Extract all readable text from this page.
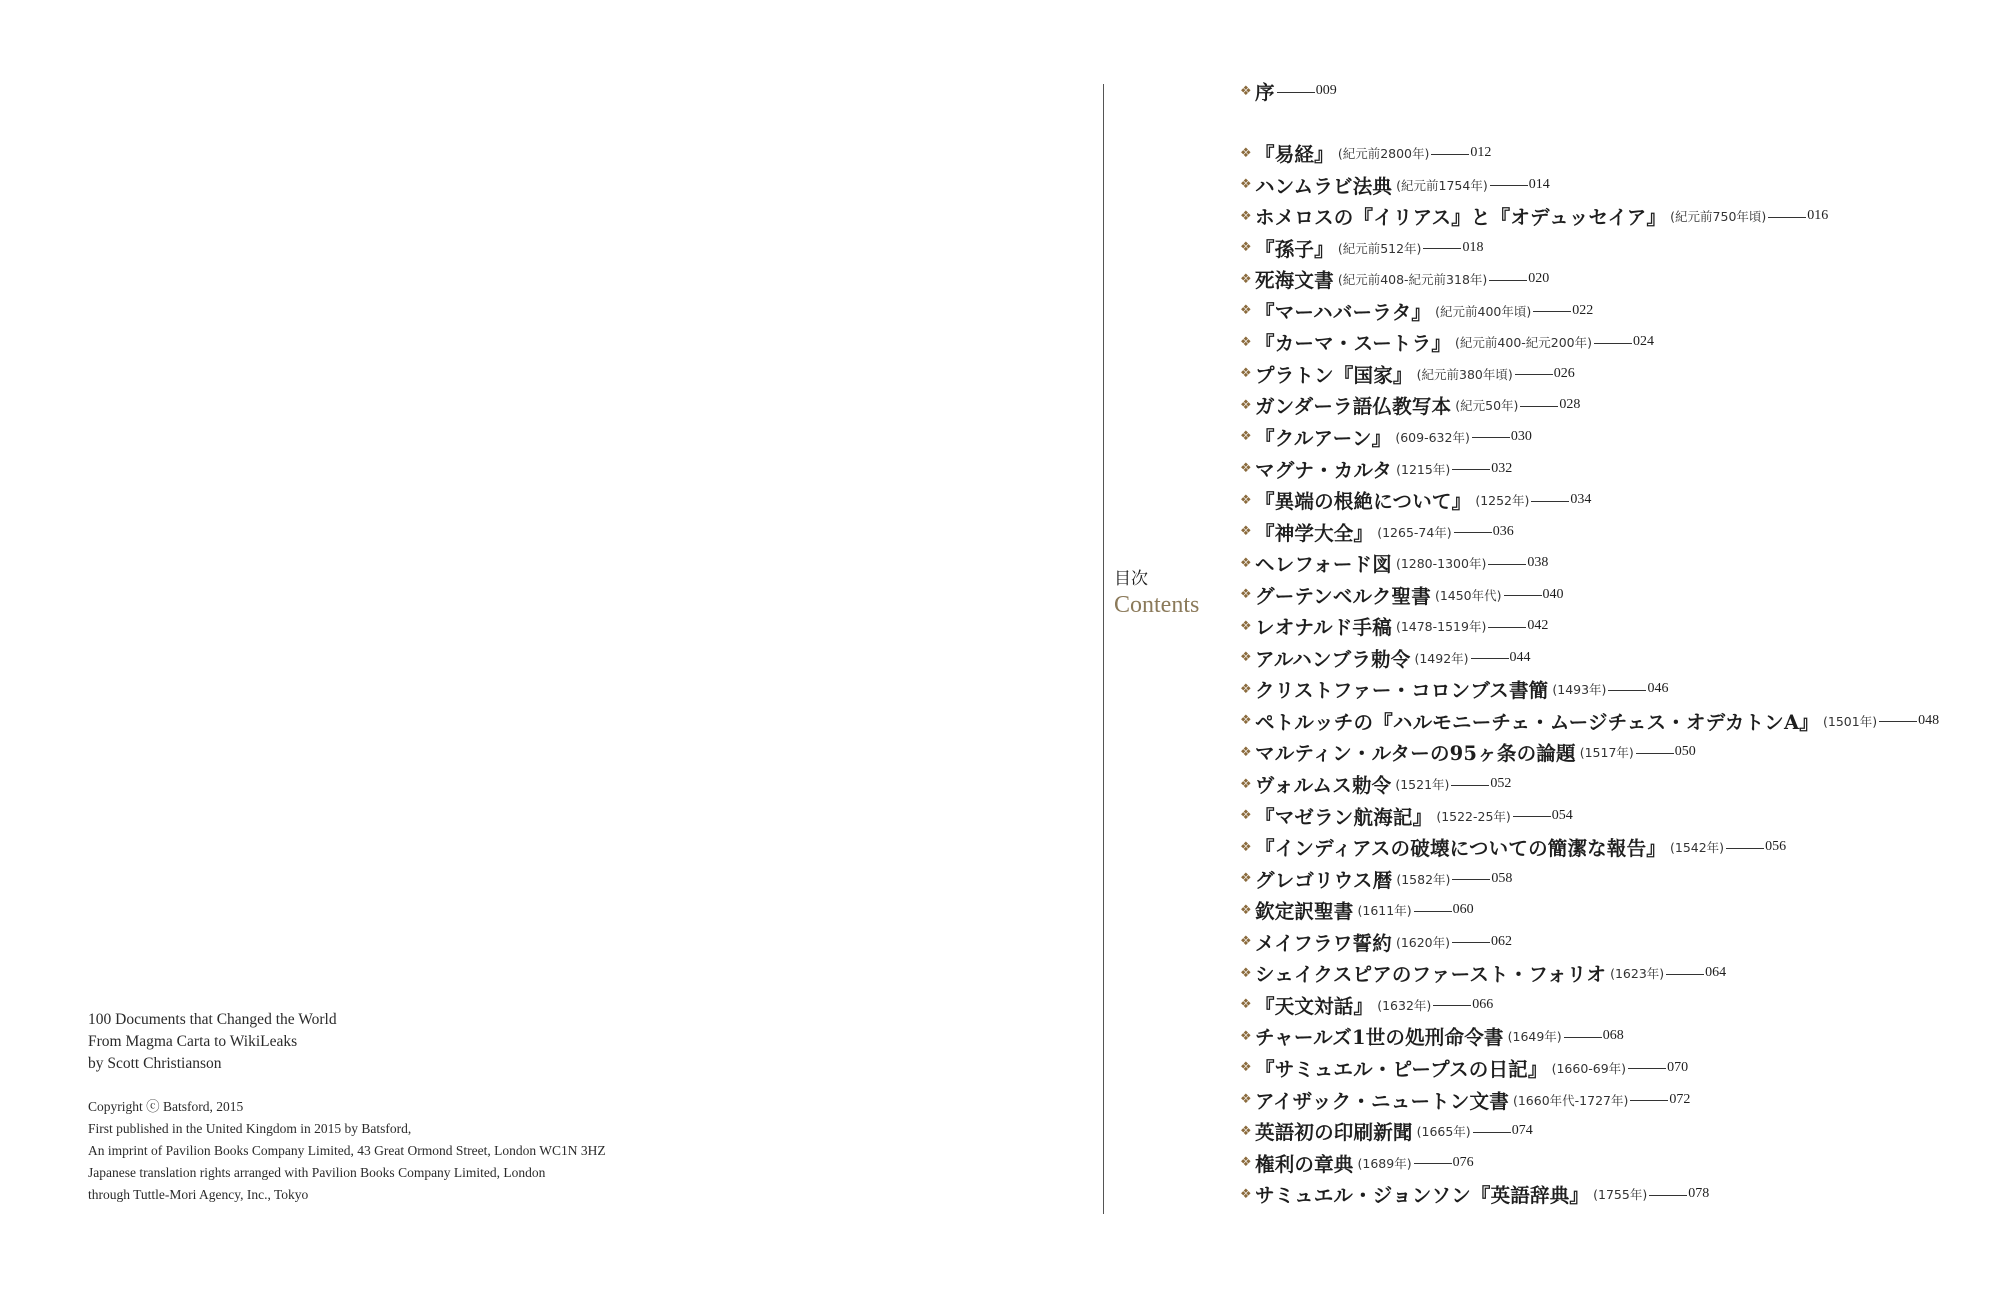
100 Documents that Changed the World

From Magma Carta to WikiLeaks

by Scott Christianson

Copyright ⓒ Batsford, 2015

First published in the United Kingdom in 2015 by Batsford,

An imprint of Pavilion Books Company Limited, 43 Great Ormond Street, London WC1N 3HZ

Japanese translation rights arranged with Pavilion Books Company Limited, London

through Tuttle-Mori Agency, Inc., Tokyo

目次
Contents
❖ 序	009
❖ 『易経』 (紀元前2800年)	012
❖ ハンムラビ法典 (紀元前1754年)	014
❖ ホメロスの『イリアス』と『オデュッセイア』 (紀元前750年頃)	016
❖ 『孫子』 (紀元前512年)	018
❖ 死海文書 (紀元前408-紀元前318年)	020
❖ 『マーハバーラタ』 (紀元前400年頃)	022
❖ 『カーマ・スートラ』 (紀元前400-紀元200年)	024
❖ プラトン『国家』 (紀元前380年頃)	026
❖ ガンダーラ語仏教写本 (紀元50年)	028
❖ 『クルアーン』 (609-632年)	030
❖ マグナ・カルタ (1215年)	032
❖ 『異端の根絶について』 (1252年)	034
❖ 『神学大全』 (1265-74年)	036
❖ ヘレフォード図 (1280-1300年)	038
❖ グーテンベルク聖書 (1450年代)	040
❖ レオナルド手稿 (1478-1519年)	042
❖ アルハンブラ勅令 (1492年)	044
❖ クリストファー・コロンブス書簡 (1493年)	046
❖ ペトルッチの『ハルモニーチェ・ムージチェス・オデカトンA』 (1501年)	048
❖ マルティン・ルターの95ヶ条の論題 (1517年)	050
❖ ヴォルムス勅令 (1521年)	052
❖ 『マゼラン航海記』 (1522-25年)	054
❖ 『インディアスの破壊についての簡潔な報告』 (1542年)	056
❖ グレゴリウス暦 (1582年)	058
❖ 欽定訳聖書 (1611年)	060
❖ メイフラワ誓約 (1620年)	062
❖ シェイクスピアのファースト・フォリオ (1623年)	064
❖ 『天文対話』 (1632年)	066
❖ チャールズ1世の処刑命令書 (1649年)	068
❖ 『サミュエル・ピープスの日記』 (1660-69年)	070
❖ アイザック・ニュートン文書 (1660年代-1727年)	072
❖ 英語初の印刷新聞 (1665年)	074
❖ 権利の章典 (1689年)	076
❖ サミュエル・ジョンソン『英語辞典』 (1755年)	078
